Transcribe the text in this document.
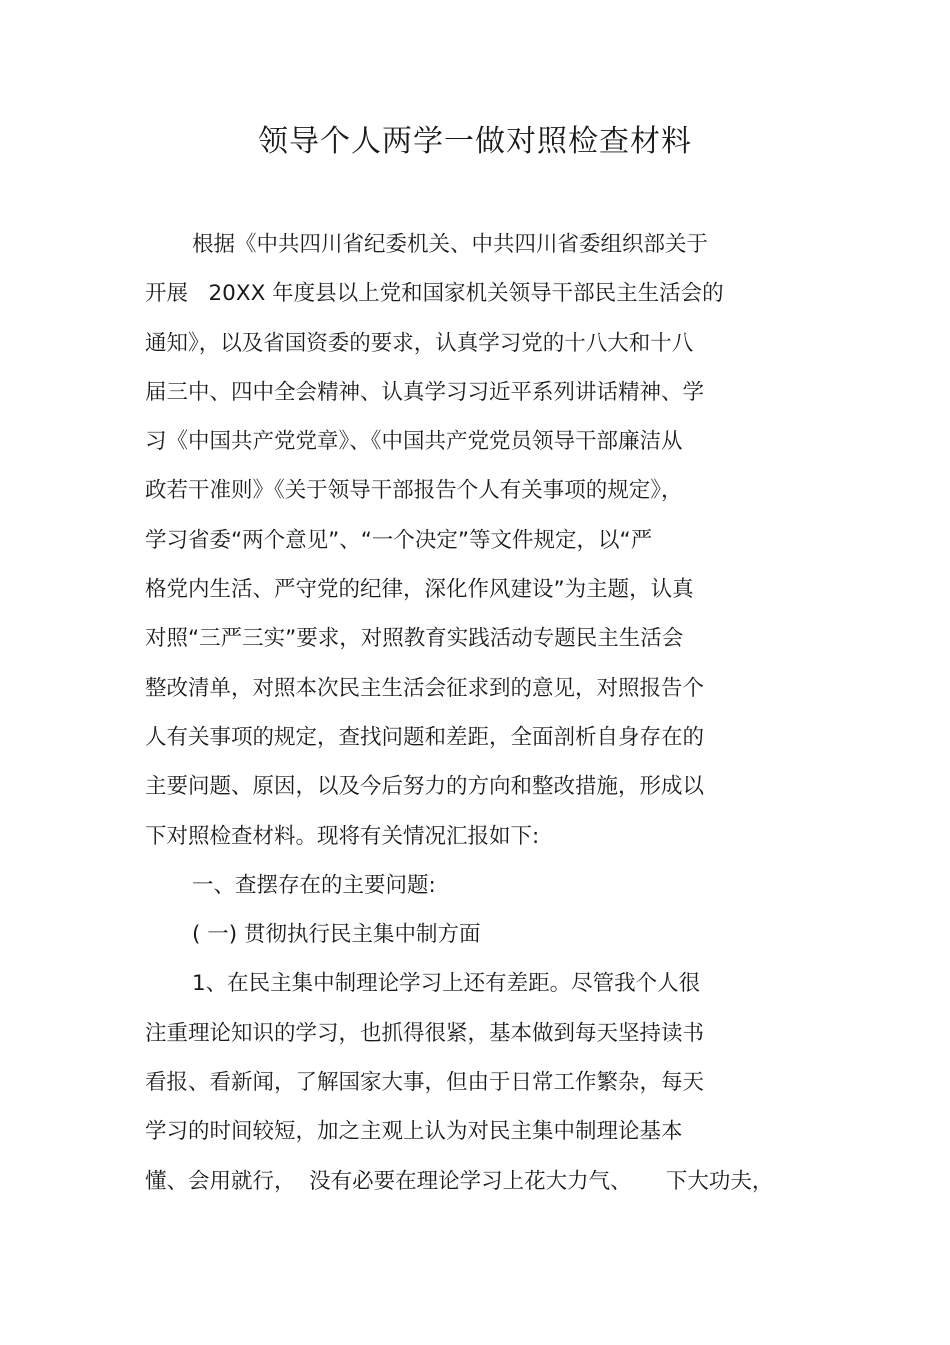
领导个人两学一做对照检查材料
根据《中共四川省纪委机关、中共四川省委组织部关于
开展   20XX 年度县以上党和国家机关领导干部民主生活会的
通知》，以及省国资委的要求，认真学习党的十八大和十八
届三中、四中全会精神、认真学习习近平系列讲话精神、学
习《中国共产党党章》、《中国共产党党员领导干部廉洁从
政若干准则》《关于领导干部报告个人有关事项的规定》，
学习省委“两个意见”、“一个决定”等文件规定，以“严
格党内生活、严守党的纪律，深化作风建设”为主题，认真
对照“三严三实”要求，对照教育实践活动专题民主生活会
整改清单，对照本次民主生活会征求到的意见，对照报告个
人有关事项的规定，查找问题和差距，全面剖析自身存在的
主要问题、原因，以及今后努力的方向和整改措施，形成以
下对照检查材料。现将有关情况汇报如下:
一、查摆存在的主要问题:
( 一) 贯彻执行民主集中制方面
1、在民主集中制理论学习上还有差距。尽管我个人很
注重理论知识的学习，也抓得很紧，基本做到每天坚持读书
看报、看新闻，了解国家大事，但由于日常工作繁杂，每天
学习的时间较短，加之主观上认为对民主集中制理论基本
懂、会用就行，  没有必要在理论学习上花大力气、     下大功夫，
